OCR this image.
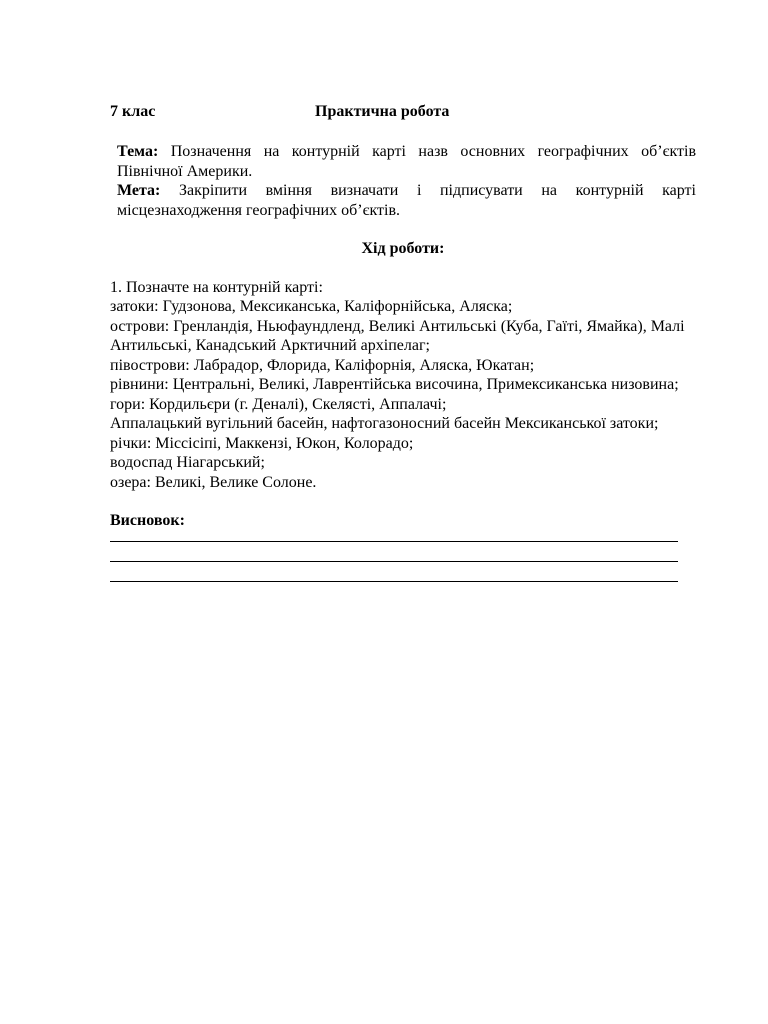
7 клас	Практична робота

Тема: Позначення на контурній карті назв основних географічних об’єктів Північної Америки.

Мета: Закріпити вміння визначати і підписувати на контурній карті місцезнаходження географічних об’єктів.

Хід роботи:

1. Позначте на контурній карті:

затоки: Гудзонова, Мексиканська, Каліфорнійська, Аляска;

острови: Гренландія, Ньюфаундленд, Великі Антильські (Куба, Гаїті, Ямайка), Малі Антильські, Канадський Арктичний архіпелаг;

півострови: Лабрадор, Флорида, Каліфорнія, Аляска, Юкатан;

рівнини: Центральні, Великі, Лаврентійська височина, Примексиканська низовина;

гори: Кордильєри (г. Деналі), Скелясті, Аппалачі;

Аппалацький вугільний басейн, нафтогазоносний басейн Мексиканської затоки;

річки: Міссісіпі, Маккензі, Юкон, Колорадо;

водоспад Ніагарський;

озера: Великі, Велике Солоне.

Висновок:
